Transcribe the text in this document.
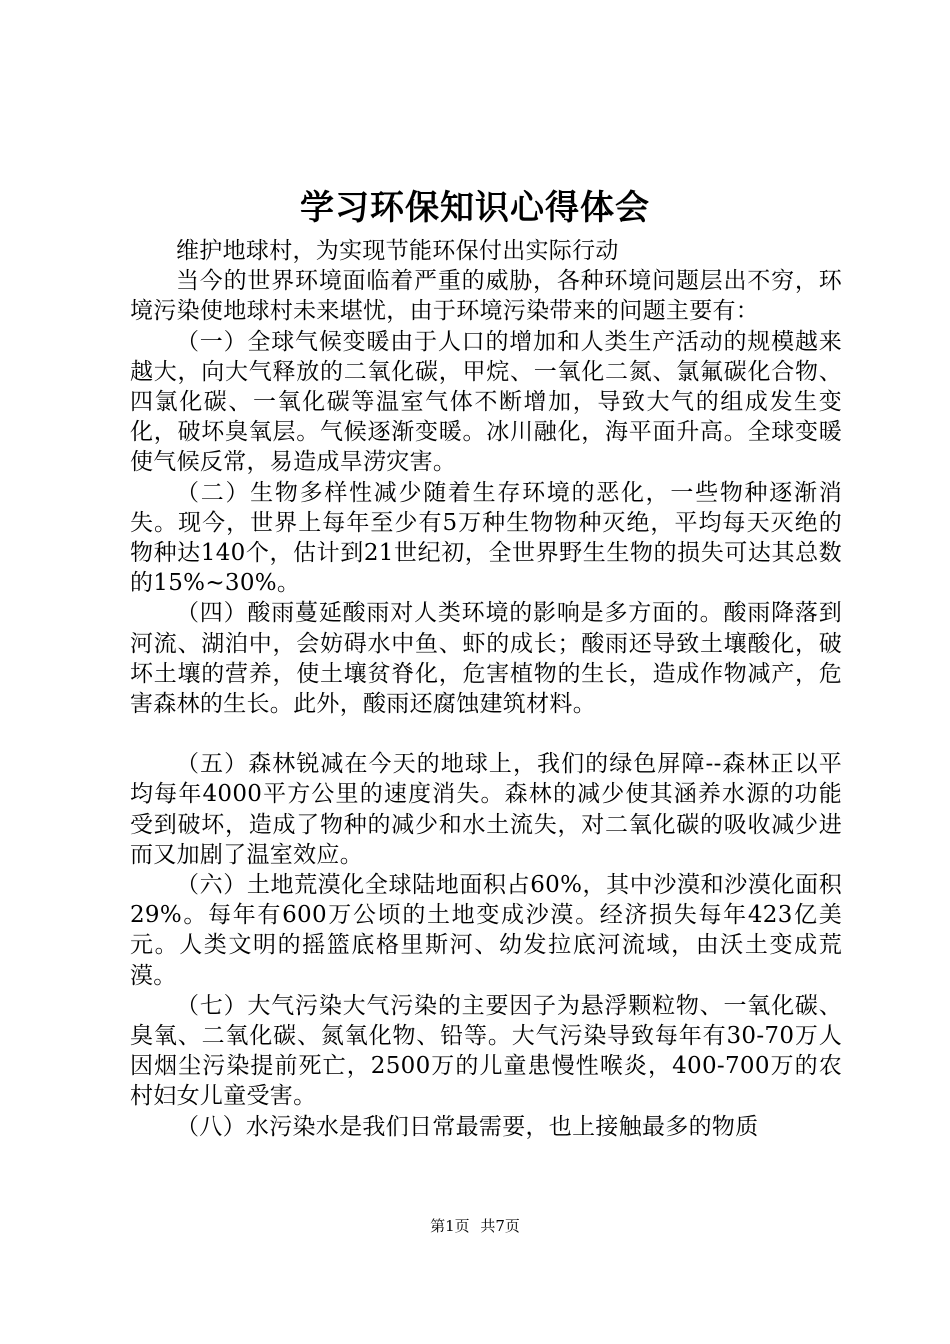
学习环保知识心得体会

维护地球村，为实现节能环保付出实际行动

当今的世界环境面临着严重的威胁，各种环境问题层出不穷，环境污染使地球村未来堪忧，由于环境污染带来的问题主要有：

（一）全球气候变暖由于人口的增加和人类生产活动的规模越来越大，向大气释放的二氧化碳，甲烷、一氧化二氮、氯氟碳化合物、四氯化碳、一氧化碳等温室气体不断增加，导致大气的组成发生变化，破坏臭氧层。气候逐渐变暖。冰川融化，海平面升高。全球变暖使气候反常，易造成旱涝灾害。

（二）生物多样性减少随着生存环境的恶化，一些物种逐渐消失。现今，世界上每年至少有5万种生物物种灭绝，平均每天灭绝的物种达140个，估计到21世纪初，全世界野生生物的损失可达其总数的15%~30%。

（四）酸雨蔓延酸雨对人类环境的影响是多方面的。酸雨降落到河流、湖泊中，会妨碍水中鱼、虾的成长；酸雨还导致土壤酸化，破坏土壤的营养，使土壤贫脊化，危害植物的生长，造成作物减产，危害森林的生长。此外，酸雨还腐蚀建筑材料。

（五）森林锐减在今天的地球上，我们的绿色屏障--森林正以平均每年4000平方公里的速度消失。森林的减少使其涵养水源的功能受到破坏，造成了物种的减少和水土流失，对二氧化碳的吸收减少进而又加剧了温室效应。

（六）土地荒漠化全球陆地面积占60%，其中沙漠和沙漠化面积29%。每年有600万公顷的土地变成沙漠。经济损失每年423亿美元。人类文明的摇篮底格里斯河、幼发拉底河流域，由沃土变成荒漠。

（七）大气污染大气污染的主要因子为悬浮颗粒物、一氧化碳、臭氧、二氧化碳、氮氧化物、铅等。大气污染导致每年有30-70万人因烟尘污染提前死亡，2500万的儿童患慢性喉炎，400-700万的农村妇女儿童受害。

（八）水污染水是我们日常最需要，也上接触最多的物质

第1页 共7页
